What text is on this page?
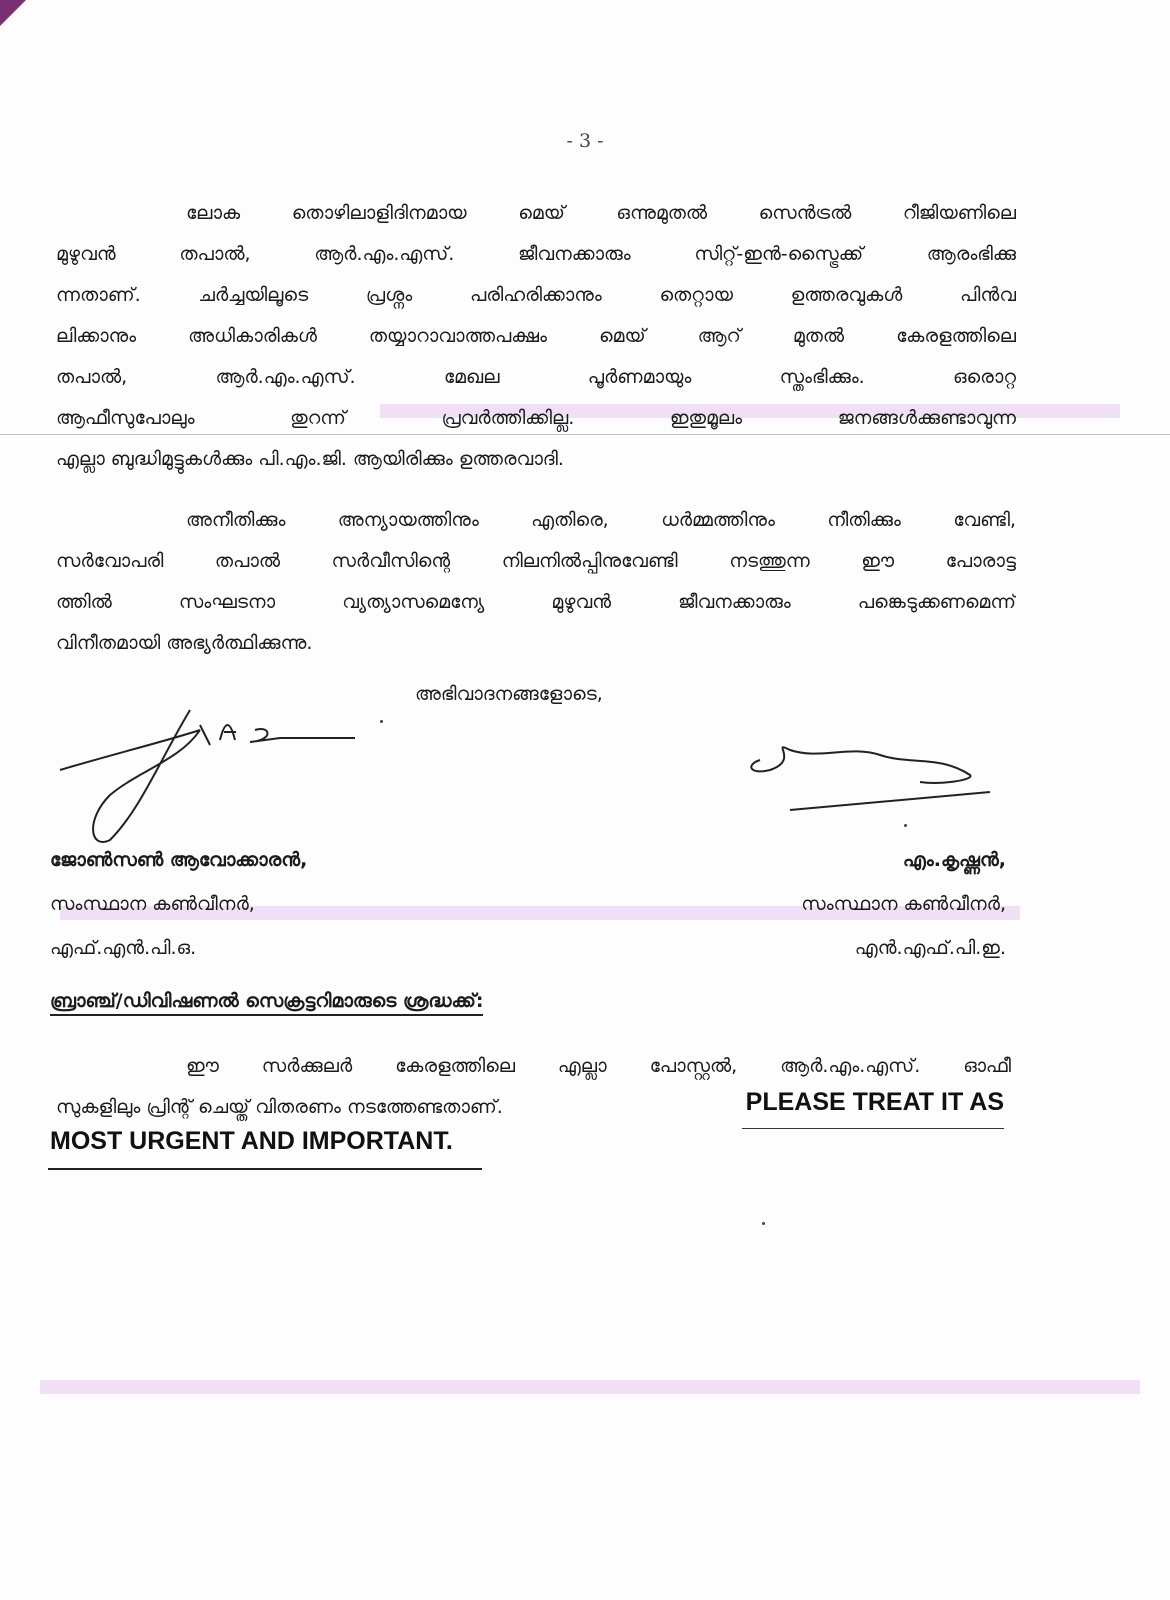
- 3 -
ലോക തൊഴിലാളിദിനമായ മെയ് ഒന്നുമുതൽ സെൻട്രൽ റീജിയണിലെ
മുഴുവൻ തപാൽ, ആർ.എം.എസ്. ജീവനക്കാരും സിറ്റ്-ഇൻ-സ്ട്രൈക്ക് ആരംഭിക്കു
ന്നതാണ്. ചർച്ചയിലൂടെ പ്രശ്നം പരിഹരിക്കാനും തെറ്റായ ഉത്തരവുകൾ പിൻവ
ലിക്കാനും അധികാരികൾ തയ്യാറാവാത്തപക്ഷം മെയ് ആറ് മുതൽ കേരളത്തിലെ
തപാൽ, ആർ.എം.എസ്. മേഖല പൂർണമായും സ്തംഭിക്കും. ഒരൊറ്റ
ആഫീസുപോലും തുറന്ന് പ്രവർത്തിക്കില്ല. ഇതുമൂലം ജനങ്ങൾക്കുണ്ടാവുന്ന
എല്ലാ ബുദ്ധിമുട്ടുകൾക്കും പി.എം.ജി. ആയിരിക്കും ഉത്തരവാദി.
അനീതിക്കും അന്യായത്തിനും എതിരെ, ധർമ്മത്തിനും നീതിക്കും വേണ്ടി,
സർവോപരി തപാൽ സർവീസിന്റെ നിലനിൽപ്പിനുവേണ്ടി നടത്തുന്ന ഈ പോരാട്ട
ത്തിൽ സംഘടനാ വ്യത്യാസമെന്യേ മുഴുവൻ ജീവനക്കാരും പങ്കെടുക്കണമെന്ന്
വിനീതമായി അഭ്യർത്ഥിക്കുന്നു.
അഭിവാദനങ്ങളോടെ,
ജോൺസൺ ആവോക്കാരൻ,
സംസ്ഥാന കൺവീനർ,
എഫ്.എൻ.പി.ഒ.
എം.കൃഷ്ണൻ,
സംസ്ഥാന കൺവീനർ,
എൻ.എഫ്.പി.ഇ.
ബ്രാഞ്ച്/ഡിവിഷണൽ സെക്രട്ടറിമാരുടെ ശ്രദ്ധക്ക്:
ഈ സർക്കുലർ കേരളത്തിലെ എല്ലാ പോസ്റ്റൽ, ആർ.എം.എസ്. ഓഫീ
സുകളിലും പ്രിന്റ് ചെയ്ത് വിതരണം നടത്തേണ്ടതാണ്.	PLEASE TREAT IT AS
MOST URGENT AND IMPORTANT.
